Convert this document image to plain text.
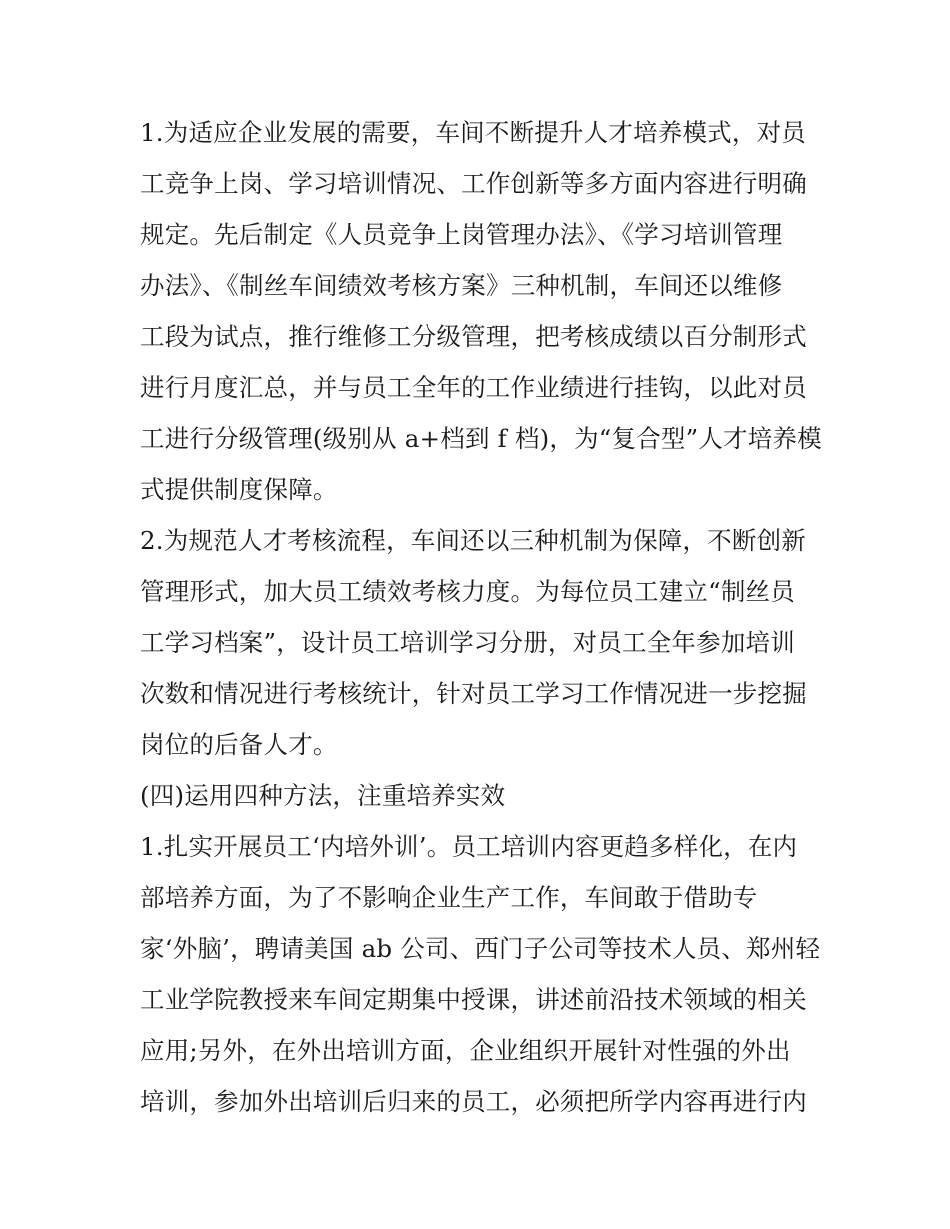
1.为适应企业发展的需要，车间不断提升人才培养模式，对员
工竞争上岗、学习培训情况、工作创新等多方面内容进行明确
规定。先后制定《人员竞争上岗管理办法》、《学习培训管理
办法》、《制丝车间绩效考核方案》三种机制，车间还以维修
工段为试点，推行维修工分级管理，把考核成绩以百分制形式
进行月度汇总，并与员工全年的工作业绩进行挂钩，以此对员
工进行分级管理(级别从 a+档到 f 档)，为“复合型”人才培养模
式提供制度保障。
2.为规范人才考核流程，车间还以三种机制为保障，不断创新
管理形式，加大员工绩效考核力度。为每位员工建立“制丝员
工学习档案”，设计员工培训学习分册，对员工全年参加培训
次数和情况进行考核统计，针对员工学习工作情况进一步挖掘
岗位的后备人才。
(四)运用四种方法，注重培养实效
1.扎实开展员工‘内培外训’。员工培训内容更趋多样化，在内
部培养方面，为了不影响企业生产工作，车间敢于借助专
家‘外脑’，聘请美国 ab 公司、西门子公司等技术人员、郑州轻
工业学院教授来车间定期集中授课，讲述前沿技术领域的相关
应用;另外，在外出培训方面，企业组织开展针对性强的外出
培训，参加外出培训后归来的员工，必须把所学内容再进行内
